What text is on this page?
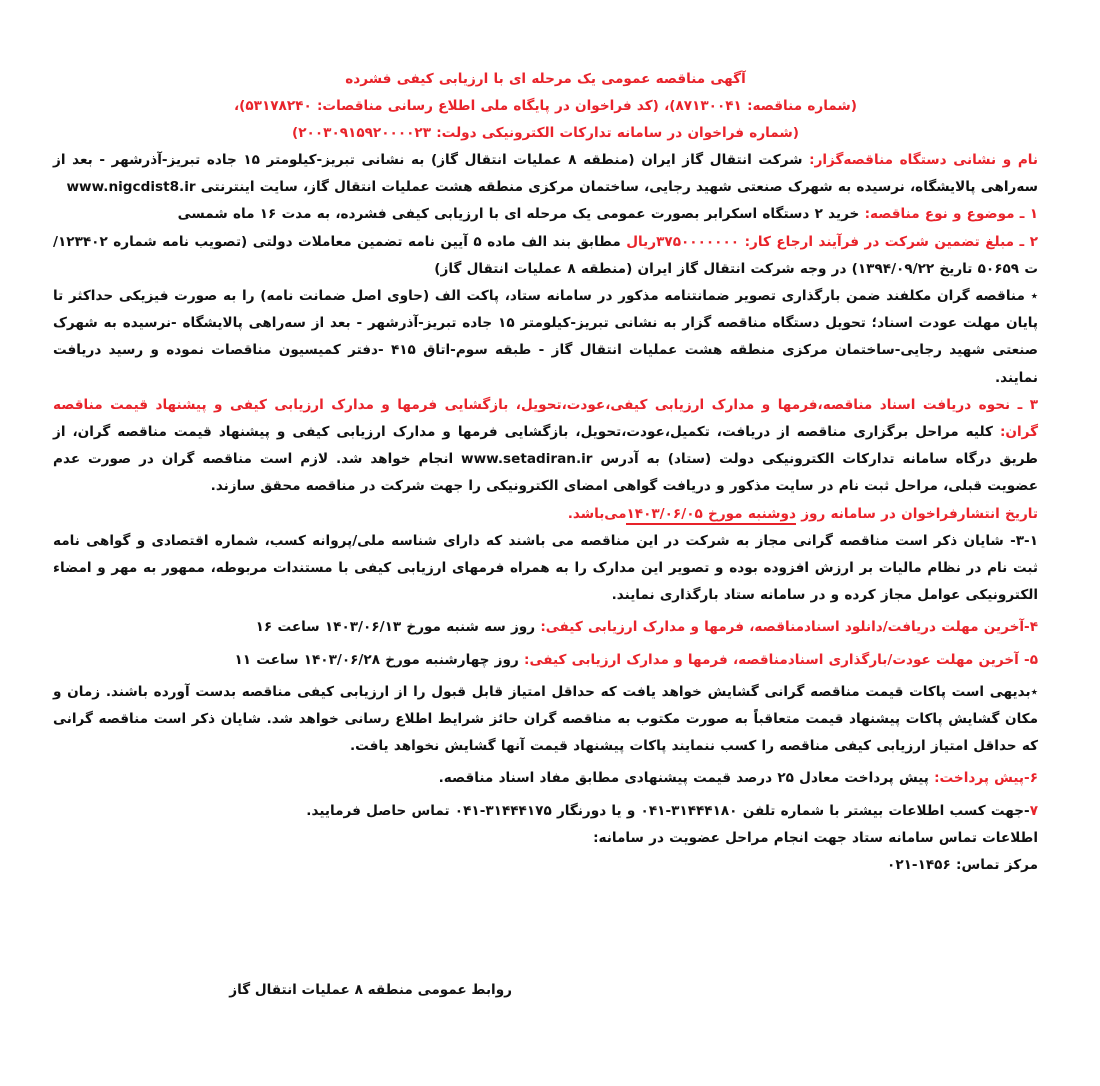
آگهی مناقصه عمومی یک مرحله ای با ارزیابی کیفی فشرده

(شماره مناقصه: ۸۷۱۳۰۰۴۱)، (کد فراخوان در پایگاه ملی اطلاع رسانی مناقصات: ۵۳۱۷۸۲۴۰)،

(شماره فراخوان در سامانه تدارکات الکترونیکی دولت: ۲۰۰۳۰۹۱۵۹۲۰۰۰۰۲۳)

نام و نشانی دستگاه مناقصه‌گزار: شرکت انتقال گاز ایران (منطقه ۸ عملیات انتقال گاز) به نشانی تبریز-کیلومتر ۱۵ جاده تبریز-آذرشهر - بعد از سه‌راهی پالایشگاه، نرسیده به شهرک صنعتی شهید رجایی، ساختمان مرکزی منطقه هشت عملیات انتقال گاز، سایت اینترنتی www.nigcdist8.ir

۱ ـ موضوع و نوع مناقصه: خرید ۲ دستگاه اسکرابر بصورت عمومی یک مرحله ای با ارزیابی کیفی فشرده، به مدت ۱۶ ماه شمسی

۲ ـ مبلغ تضمین شرکت در فرآیند ارجاع کار: ۳۷۵۰۰۰۰۰۰۰ریال مطابق بند الف ماده ۵ آیین نامه تضمین معاملات دولتی (تصویب نامه شماره ۱۲۳۴۰۲/ت ۵۰۶۵۹ تاریخ ۱۳۹۴/۰۹/۲۲) در وجه شرکت انتقال گاز ایران (منطقه ۸ عملیات انتقال گاز)

٭ مناقصه گران مکلفند ضمن بارگذاری تصویر ضمانتنامه مذکور در سامانه ستاد، پاکت الف (حاوی اصل ضمانت نامه) را به صورت فیزیکی حداکثر تا پایان مهلت عودت اسناد؛ تحویل دستگاه مناقصه گزار به نشانی تبریز-کیلومتر ۱۵ جاده تبریز-آذرشهر - بعد از سه‌راهی پالایشگاه -نرسیده به شهرک صنعتی شهید رجایی-ساختمان مرکزی منطقه هشت عملیات انتقال گاز - طبقه سوم-اتاق ۴۱۵ -دفتر کمیسیون مناقصات نموده و رسید دریافت نمایند.

۳ ـ نحوه دریافت اسناد مناقصه،فرمها و مدارک ارزیابی کیفی،عودت،تحویل، بازگشایی فرمها و مدارک ارزیابی کیفی و پیشنهاد قیمت مناقصه گران: کلیه مراحل برگزاری مناقصه از دریافت، تکمیل،عودت،تحویل، بازگشایی فرمها و مدارک ارزیابی کیفی و پیشنهاد قیمت مناقصه گران، از طریق درگاه سامانه تدارکات الکترونیکی دولت (ستاد) به آدرس www.setadiran.ir انجام خواهد شد. لازم است مناقصه گران در صورت عدم عضویت قبلی، مراحل ثبت نام در سایت مذکور و دریافت گواهی امضای الکترونیکی را جهت شرکت در مناقصه محقق سازند.

تاریخ انتشارفراخوان در سامانه روز دوشنبه مورخ ۱۴۰۳/۰۶/۰۵می‌باشد.

۳-۱- شایان ذکر است مناقصه گرانی مجاز به شرکت در این مناقصه می باشند که دارای شناسه ملی/پروانه کسب، شماره اقتصادی و گواهی نامه ثبت نام در نظام مالیات بر ارزش افزوده بوده و تصویر این مدارک را به همراه فرمهای ارزیابی کیفی با مستندات مربوطه، ممهور به مهر و امضاء الکترونیکی عوامل مجاز کرده و در سامانه ستاد بارگذاری نمایند.

۴-آخرین مهلت دریافت/دانلود اسنادمناقصه، فرمها و مدارک ارزیابی کیفی: روز سه شنبه مورخ ۱۴۰۳/۰۶/۱۳ ساعت ۱۶

۵- آخرین مهلت عودت/بارگذاری اسنادمناقصه، فرمها و مدارک ارزیابی کیفی: روز چهارشنبه مورخ ۱۴۰۳/۰۶/۲۸ ساعت ۱۱

٭بدیهی است پاکات قیمت مناقصه گرانی گشایش خواهد یافت که حداقل امتیاز قابل قبول را از ارزیابی کیفی مناقصه بدست آورده باشند. زمان و مکان گشایش پاکات پیشنهاد قیمت متعاقباً به صورت مکتوب به مناقصه گران حائز شرایط اطلاع رسانی خواهد شد. شایان ذکر است مناقصه گرانی که حداقل امتیاز ارزیابی کیفی مناقصه را کسب ننمایند پاکات پیشنهاد قیمت آنها گشایش نخواهد یافت.

۶-پیش پرداخت: پیش پرداخت معادل ۲۵ درصد قیمت پیشنهادی مطابق مفاد اسناد مناقصه.

۷-جهت کسب اطلاعات بیشتر با شماره تلفن ۳۱۴۴۴۱۸۰-۰۴۱ و یا دورنگار ۳۱۴۴۴۱۷۵-۰۴۱ تماس حاصل فرمایید.

اطلاعات تماس سامانه ستاد جهت انجام مراحل عضویت در سامانه:

مرکز تماس: ۱۴۵۶-۰۲۱

روابط عمومی منطقه ۸ عملیات انتقال گاز
